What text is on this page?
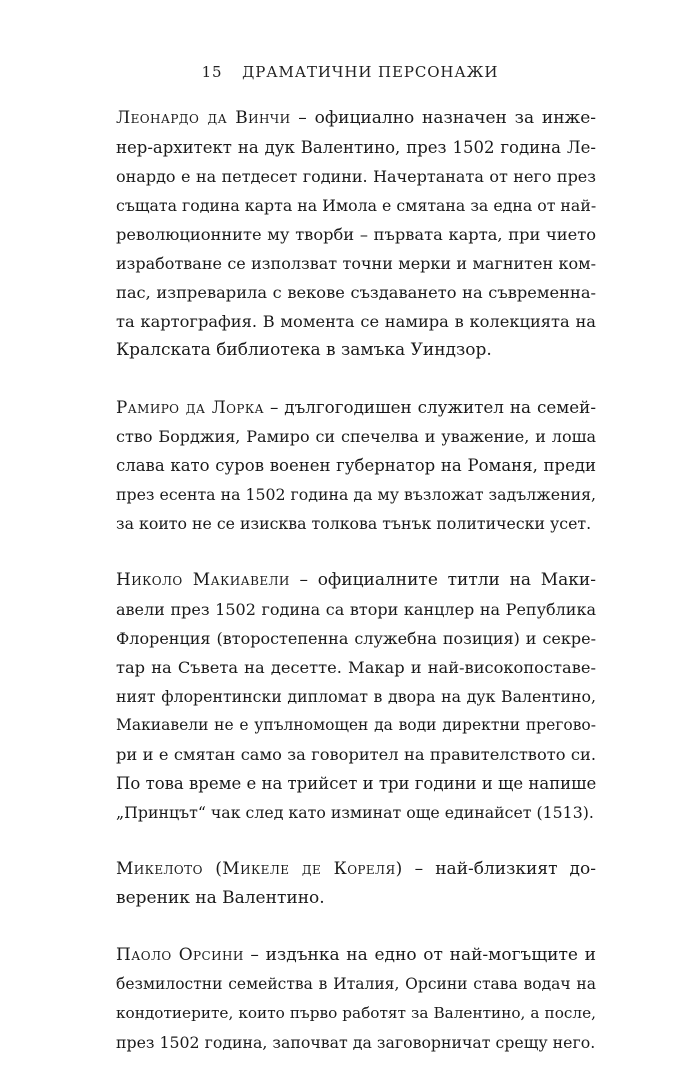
15 ДРАМАТИЧНИ ПЕРСОНАЖИ
Леонардо да Винчи – официално назначен за инже-
нер-архитект на дук Валентино, през 1502 година Ле-
онардо е на петдесет години. Начертаната от него през
същата година карта на Имола е смятана за една от най-
революционните му творби – първата карта, при чието
изработване се използват точни мерки и магнитен ком-
пас, изпреварила с векове създаването на съвременна-
та картография. В момента се намира в колекцията на
Кралската библиотека в замъка Уиндзор.
Рамиро да Лорка – дългогодишен служител на семей-
ство Борджия, Рамиро си спечелва и уважение, и лоша
слава като суров военен губернатор на Романя, преди
през есента на 1502 година да му възложат задължения,
за които не се изисква толкова тънък политически усет.
Николо Макиавели – официалните титли на Маки-
авели през 1502 година са втори канцлер на Република
Флоренция (второстепенна служебна позиция) и секре-
тар на Съвета на десетте. Макар и най-високопоставе-
ният флорентински дипломат в двора на дук Валентино,
Макиавели не е упълномощен да води директни прегово-
ри и е смятан само за говорител на правителството си.
По това време е на трийсет и три години и ще напише
„Принцът“ чак след като изминат още единайсет (1513).
Микелото (Микеле де Кореля) – най-близкият до-
вереник на Валентино.
Паоло Орсини – издънка на едно от най-могъщите и
безмилостни семейства в Италия, Орсини става водач на
кондотиерите, които първо работят за Валентино, а после,
през 1502 година, започват да заговорничат срещу него.
